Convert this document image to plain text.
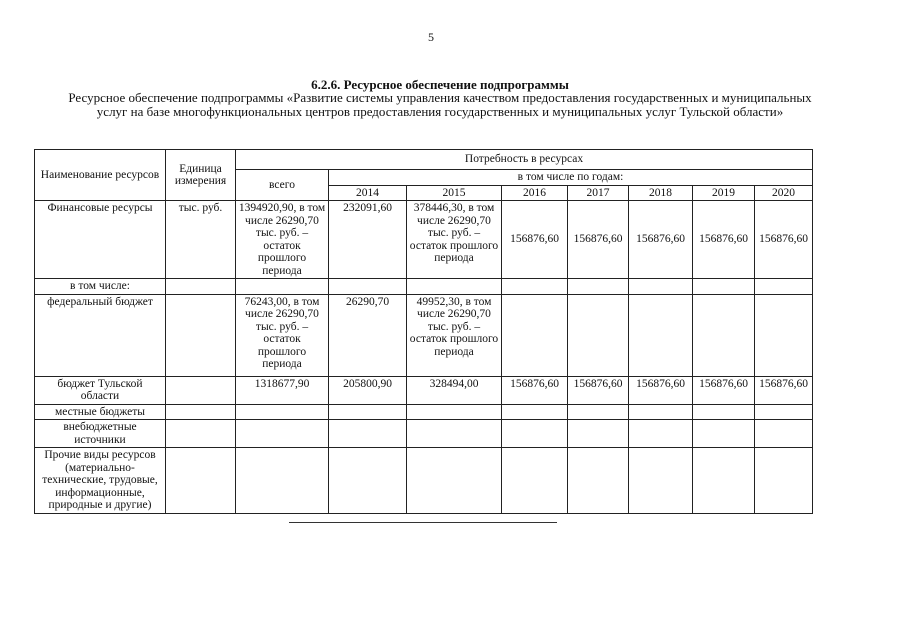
5
6.2.6. Ресурсное обеспечение подпрограммы
Ресурсное обеспечение подпрограммы «Развитие системы управления качеством предоставления государственных и муниципальных услуг на базе многофункциональных центров предоставления государственных и муниципальных услуг Тульской области»
Наименование ресурсов	Единица измерения	Потребность в ресурсах							
		всего	в том числе по годам:						
			2014	2015	2016	2017	2018	2019	2020
Финансовые ресурсы	тыс. руб.	1394920,90, в том числе 26290,70 тыс. руб. – остаток прошлого периода	232091,60	378446,30, в том числе 26290,70 тыс. руб. – остаток прошлого периода	156876,60	156876,60	156876,60	156876,60	156876,60
в том числе:									
федеральный бюджет		76243,00, в том числе 26290,70 тыс. руб. – остаток прошлого периода	26290,70	49952,30, в том числе 26290,70 тыс. руб. – остаток прошлого периода					
бюджет Тульской области		1318677,90	205800,90	328494,00	156876,60	156876,60	156876,60	156876,60	156876,60
местные бюджеты									
внебюджетные источники									
Прочие виды ресурсов (материально-технические, трудовые, информационные, природные и другие)									
